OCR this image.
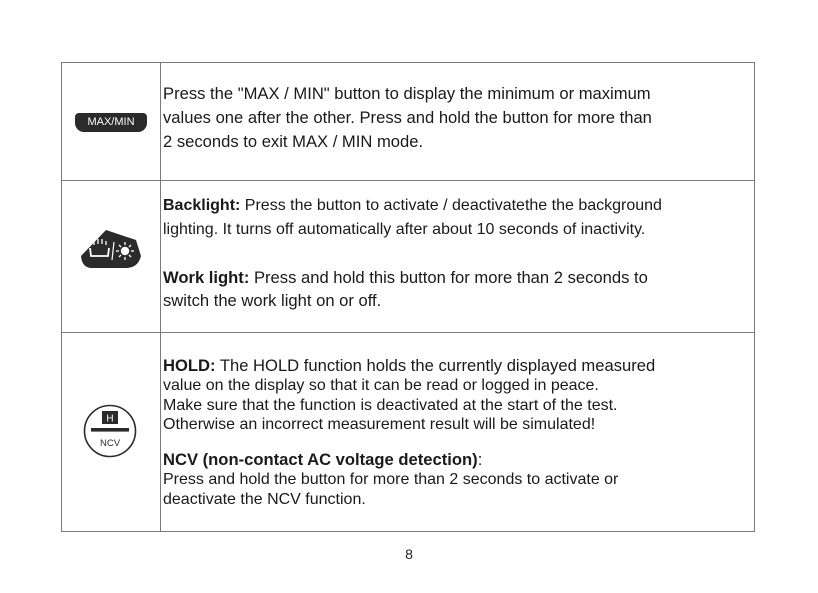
MAX/MIN
Press the "MAX / MIN" button to display the minimum or maximum
values one after the other. Press and hold the button for more than
2 seconds to exit MAX / MIN mode.
Backlight: Press the button to activate / deactivatethe the background
lighting. It turns off automatically after about 10 seconds of inactivity.
Work light: Press and hold this button for more than 2 seconds to
switch the work light on or off.
H
NCV
HOLD: The HOLD function holds the currently displayed measured
value on the display so that it can be read or logged in peace.
Make sure that the function is deactivated at the start of the test.
Otherwise an incorrect measurement result will be simulated!
NCV (non-contact AC voltage detection):
Press and hold the button for more than 2 seconds to activate or
deactivate the NCV function.
8
